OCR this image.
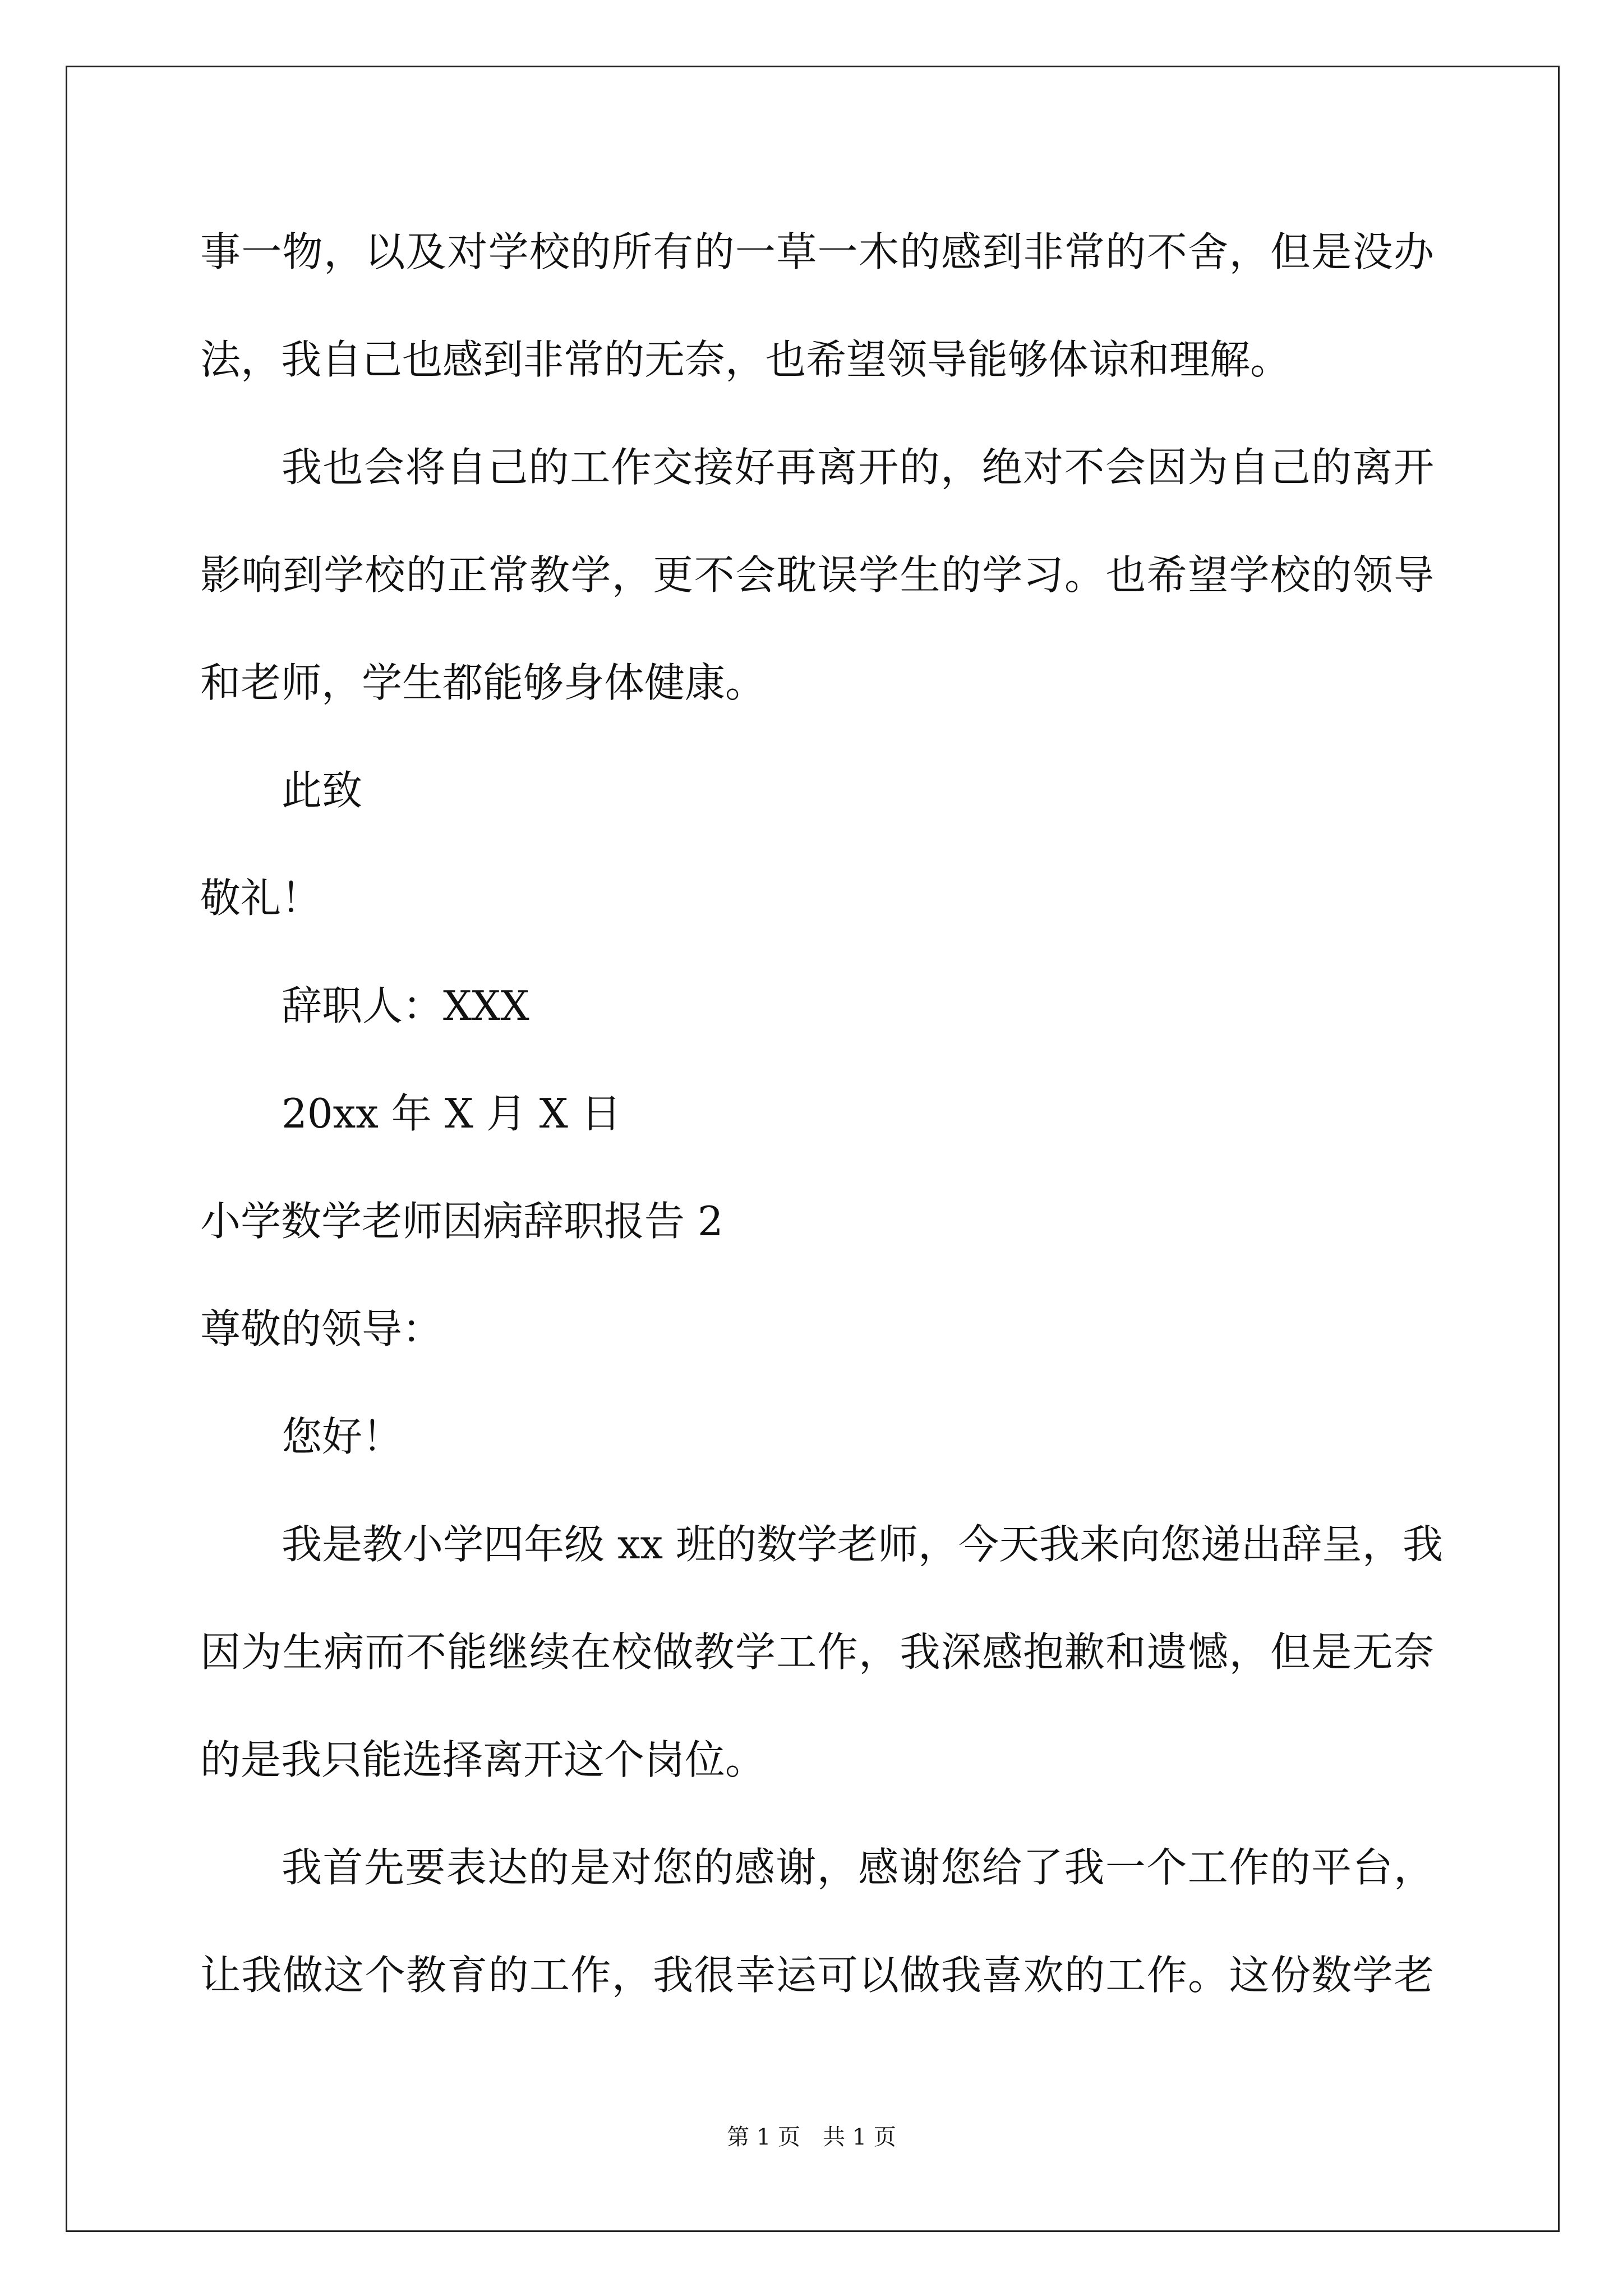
事一物，以及对学校的所有的一草一木的感到非常的不舍，但是没办
法，我自己也感到非常的无奈，也希望领导能够体谅和理解。
我也会将自己的工作交接好再离开的，绝对不会因为自己的离开
影响到学校的正常教学，更不会耽误学生的学习。也希望学校的领导
和老师，学生都能够身体健康。
此致
敬礼！
辞职人：XXX
20xx 年 X 月 X 日
小学数学老师因病辞职报告 2
尊敬的领导：
您好！
我是教小学四年级 xx 班的数学老师，今天我来向您递出辞呈，我
因为生病而不能继续在校做教学工作，我深感抱歉和遗憾，但是无奈
的是我只能选择离开这个岗位。
我首先要表达的是对您的感谢，感谢您给了我一个工作的平台，
让我做这个教育的工作，我很幸运可以做我喜欢的工作。这份数学老
第 1 页　共 1 页
